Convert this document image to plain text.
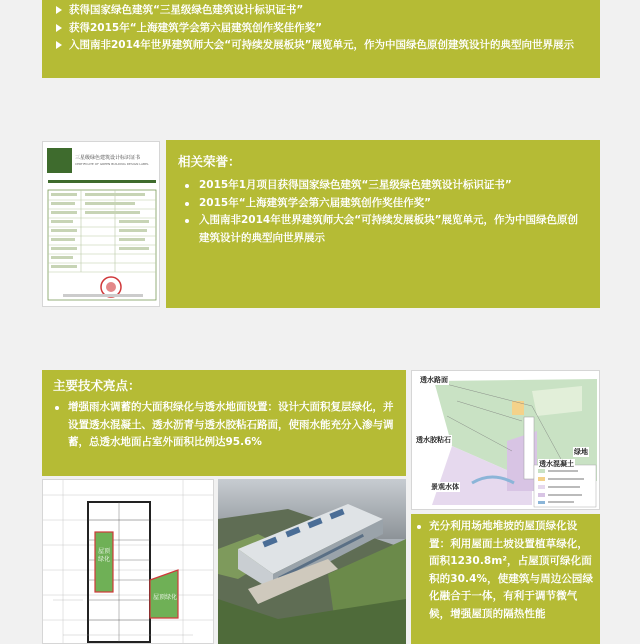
获得国家绿色建筑“三星级绿色建筑设计标识证书”
获得2015年“上海建筑学会第六届建筑创作奖佳作奖”
入围南非2014年世界建筑师大会“可持续发展板块”展览单元，作为中国绿色原创建筑设计的典型向世界展示
三星级绿色建筑设计标识证书
CERTIFICATE OF GREEN BUILDING DESIGN LABEL 相关荣誉：
2015年1月项目获得国家绿色建筑“三星级绿色建筑设计标识证书”
2015年“上海建筑学会第六届建筑创作奖佳作奖”
入围南非2014年世界建筑师大会“可持续发展板块”展览单元，作为中国绿色原创建筑设计的典型向世界展示
主要技术亮点：
增强雨水调蓄的大面积绿化与透水地面设置：设计大面积复层绿化，并设置透水混凝土、透水沥青与透水胶粘石路面，使雨水能充分入渗与调蓄，总透水地面占室外面积比例达95.6%
透水路面
透水胶粘石
绿地
透水混凝土
景观水体
屋顶绿化
屋顶绿化
充分利用场地堆坡的屋顶绿化设置：利用屋面土坡设置植草绿化，面积1230.8m²，占屋顶可绿化面积的30.4%，使建筑与周边公园绿化融合于一体，有利于调节微气候，增强屋顶的隔热性能
